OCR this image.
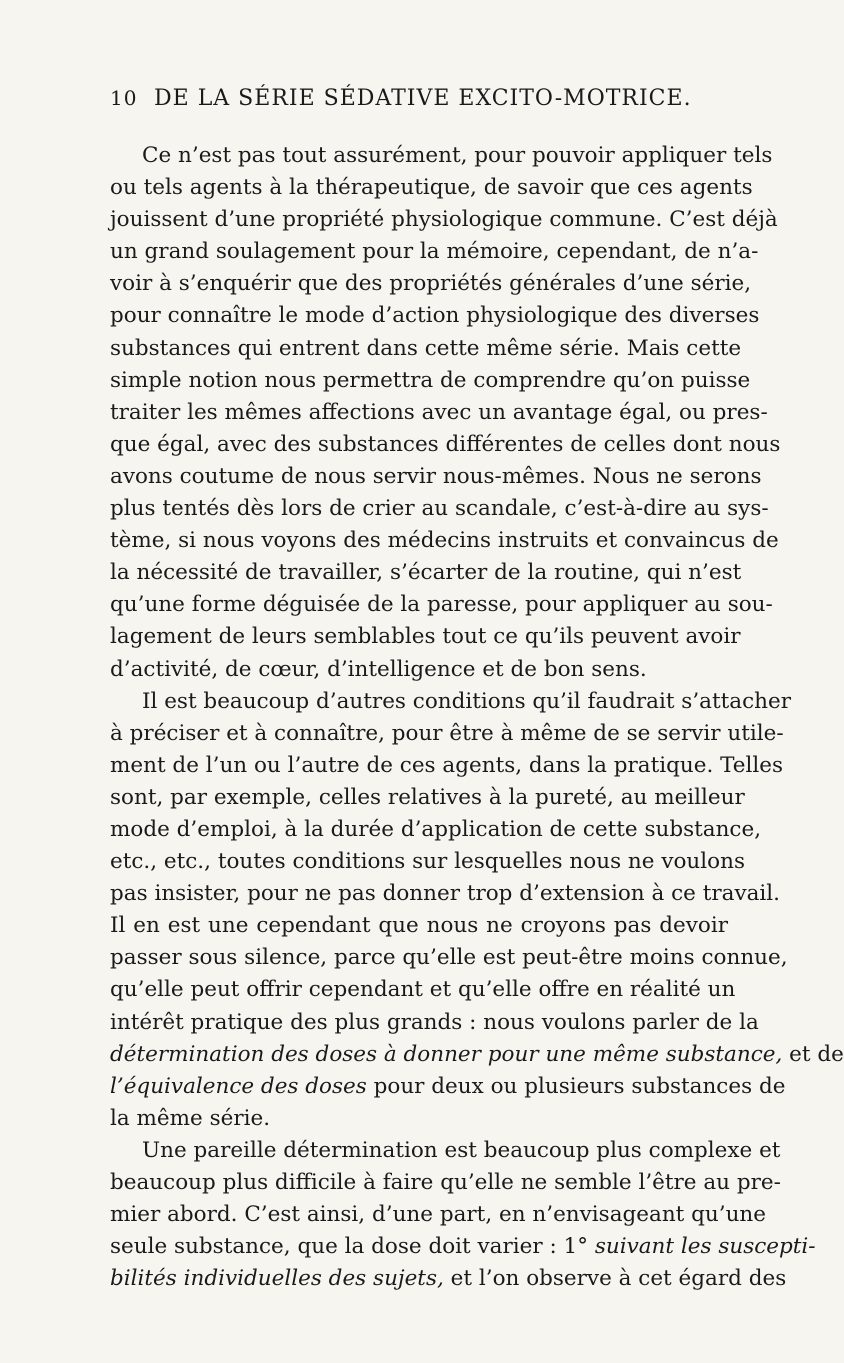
10 DE LA SÉRIE SÉDATIVE EXCITO-MOTRICE.
Ce n’est pas tout assurément, pour pouvoir appliquer tels
ou tels agents à la thérapeutique, de savoir que ces agents
jouissent d’une propriété physiologique commune. C’est déjà
un grand soulagement pour la mémoire, cependant, de n’a-
voir à s’enquérir que des propriétés générales d’une série,
pour connaître le mode d’action physiologique des diverses
substances qui entrent dans cette même série. Mais cette
simple notion nous permettra de comprendre qu’on puisse
traiter les mêmes affections avec un avantage égal, ou pres-
que égal, avec des substances différentes de celles dont nous
avons coutume de nous servir nous-mêmes. Nous ne serons
plus tentés dès lors de crier au scandale, c’est-à-dire au sys-
tème, si nous voyons des médecins instruits et convaincus de
la nécessité de travailler, s’écarter de la routine, qui n’est
qu’une forme déguisée de la paresse, pour appliquer au sou-
lagement de leurs semblables tout ce qu’ils peuvent avoir
d’activité, de cœur, d’intelligence et de bon sens.
Il est beaucoup d’autres conditions qu’il faudrait s’attacher
à préciser et à connaître, pour être à même de se servir utile-
ment de l’un ou l’autre de ces agents, dans la pratique. Telles
sont, par exemple, celles relatives à la pureté, au meilleur
mode d’emploi, à la durée d’application de cette substance,
etc., etc., toutes conditions sur lesquelles nous ne voulons
pas insister, pour ne pas donner trop d’extension à ce travail.
Il en est une cependant que nous ne croyons pas devoir
passer sous silence, parce qu’elle est peut-être moins connue,
qu’elle peut offrir cependant et qu’elle offre en réalité un
intérêt pratique des plus grands : nous voulons parler de la
détermination des doses à donner pour une même substance, et de
l’équivalence des doses pour deux ou plusieurs substances de
la même série.
Une pareille détermination est beaucoup plus complexe et
beaucoup plus difficile à faire qu’elle ne semble l’être au pre-
mier abord. C’est ainsi, d’une part, en n’envisageant qu’une
seule substance, que la dose doit varier : 1° suivant les suscepti-
bilités individuelles des sujets, et l’on observe à cet égard des
